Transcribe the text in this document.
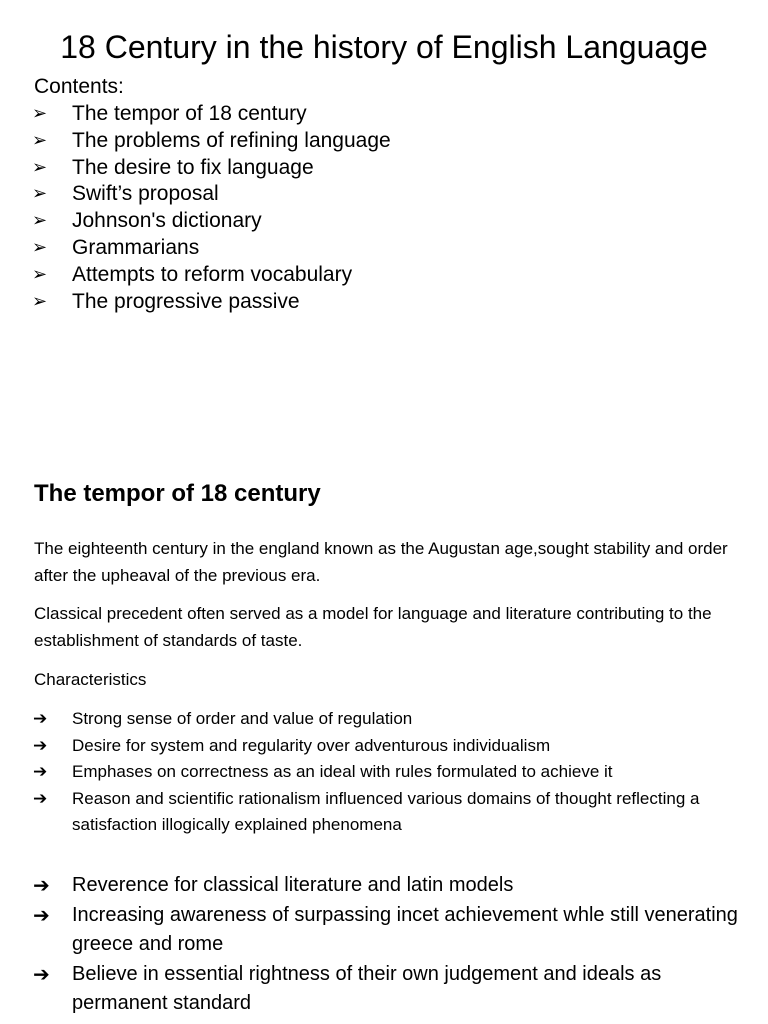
18 Century in the history of English Language
Contents:
➢ The tempor of 18 century
➢ The problems of refining language
➢ The desire to fix language
➢ Swift’s proposal
➢ Johnson's dictionary
➢ Grammarians
➢ Attempts to reform vocabulary
➢ The progressive passive
The tempor of 18 century
The eighteenth century in the england known as the Augustan age,sought stability and order after the upheaval of the previous era.
Classical precedent often served as a model for language and literature contributing to the establishment of standards of taste.
Characteristics
➔ Strong sense of order and value of regulation
➔ Desire for system and regularity over adventurous individualism
➔ Emphases on correctness as an ideal with rules formulated to achieve it
➔ Reason and scientific rationalism influenced various domains of thought reflecting a satisfaction illogically explained phenomena
➔ Reverence for classical literature and latin models
➔ Increasing awareness of surpassing incet achievement whle still venerating greece and rome
➔ Believe in essential rightness of their own judgement and ideals as permanent standard
